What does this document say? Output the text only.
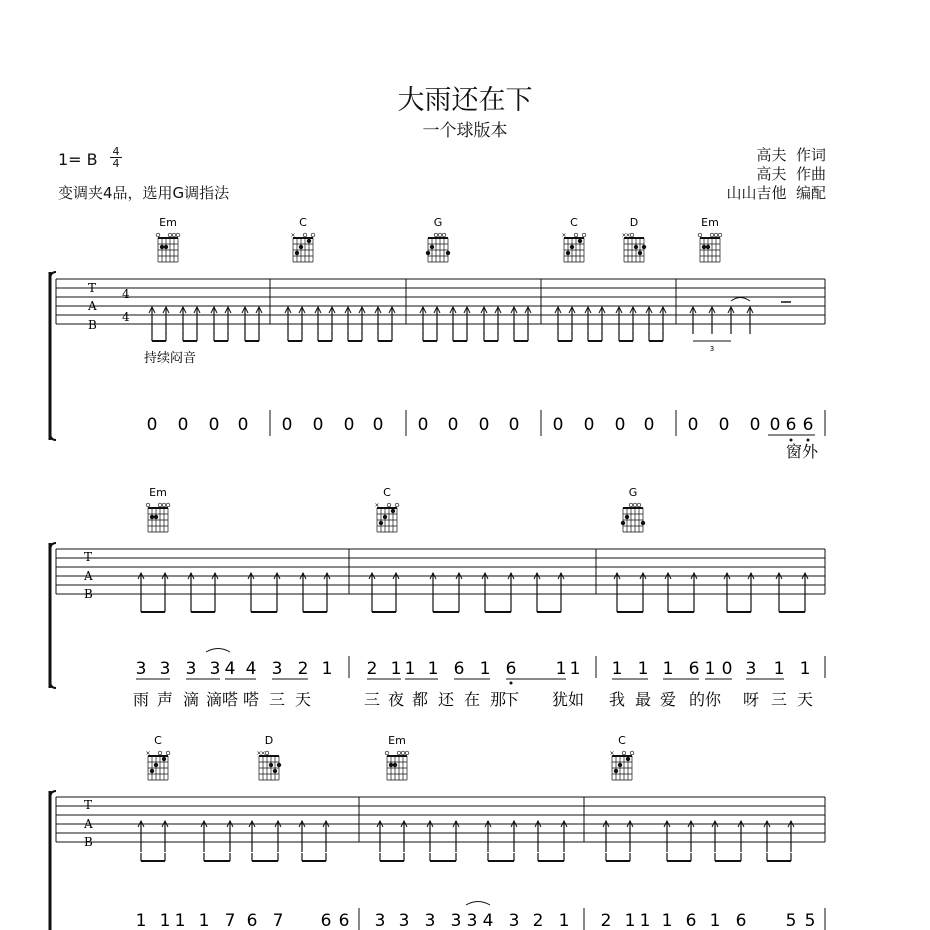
大雨还在下
一个球版本
1= B 4
4
变调夹4品，选用G调指法
高夫  作词
高夫  作曲
山山吉他  编配
T
A
B
4
4
持续闷音
T
A
B
T
A
B
Em	C
×
G	C
×
D
×
×
Em
Em	C
×
G
C
×
D
×
×
Em	C
×
3
0 0 0 0 0 0 0 0 0 0 0 0 0 0 0 0 0 0 0 0 6 6
窗外
3 3 3 3 4 4 3 2 1 2 1 1 1 6 1 6 1 1 1 1 1 6 1 0 3 1 1
雨 声 滴 滴嗒 嗒 三 天	三 夜 都 还 在 那
下 犹如 我 最 爱 的你 呀 三 天
1 1 1 1 7 6 7 6 6 3 3 3 3 3 4 3 2 1 2 1 1 1 6 1 6 5 5
